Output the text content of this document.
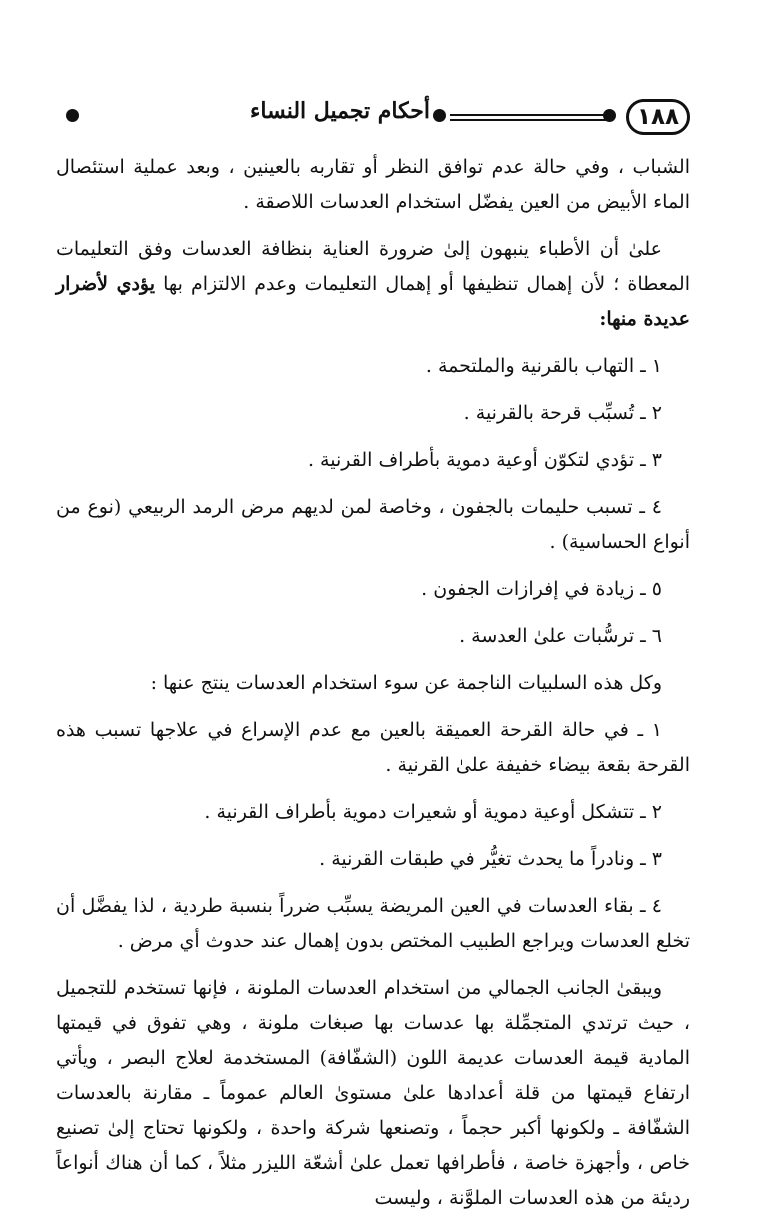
١٨٨
أحكام تجميل النساء

الشباب ، وفي حالة عدم توافق النظر أو تقاربه بالعينين ، وبعد عملية استئصال الماء الأبيض من العين يفضّل استخدام العدسات اللاصقة .

علىٰ أن الأطباء ينبهون إلىٰ ضرورة العناية بنظافة العدسات وفق التعليمات المعطاة ؛ لأن إهمال تنظيفها أو إهمال التعليمات وعدم الالتزام بها يؤدي لأضرار عديدة منها:

١ ـ التهاب بالقرنية والملتحمة .

٢ ـ تُسبِّب قرحة بالقرنية .

٣ ـ تؤدي لتكوّن أوعية دموية بأطراف القرنية .

٤ ـ تسبب حليمات بالجفون ، وخاصة لمن لديهم مرض الرمد الربيعي (نوع من أنواع الحساسية) .

٥ ـ زيادة في إفرازات الجفون .

٦ ـ ترسُّبات علىٰ العدسة .

وكل هذه السلبيات الناجمة عن سوء استخدام العدسات ينتج عنها :

١ ـ في حالة القرحة العميقة بالعين مع عدم الإسراع في علاجها تسبب هذه القرحة بقعة بيضاء خفيفة علىٰ القرنية .

٢ ـ تتشكل أوعية دموية أو شعيرات دموية بأطراف القرنية .

٣ ـ ونادراً ما يحدث تغيُّر في طبقات القرنية .

٤ ـ بقاء العدسات في العين المريضة يسبِّب ضرراً بنسبة طردية ، لذا يفضَّل أن تخلع العدسات ويراجع الطبيب المختص بدون إهمال عند حدوث أي مرض .

ويبقىٰ الجانب الجمالي من استخدام العدسات الملونة ، فإنها تستخدم للتجميل ، حيث ترتدي المتجمِّلة بها عدسات بها صبغات ملونة ، وهي تفوق في قيمتها المادية قيمة العدسات عديمة اللون (الشفّافة) المستخدمة لعلاج البصر ، ويأتي ارتفاع قيمتها من قلة أعدادها علىٰ مستوىٰ العالم عموماً ـ مقارنة بالعدسات الشفّافة ـ ولكونها أكبر حجماً ، وتصنعها شركة واحدة ، ولكونها تحتاج إلىٰ تصنيع خاص ، وأجهزة خاصة ، فأطرافها تعمل علىٰ أشعّة الليزر مثلاً ، كما أن هناك أنواعاً رديئة من هذه العدسات الملوَّنة ، وليست
